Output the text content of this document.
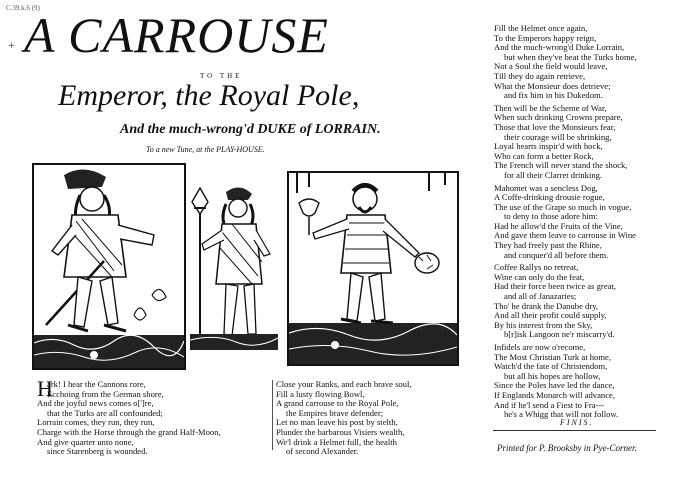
C.39.k.6 (9)
+ A CARROUSE
TO THE
Emperor, the Royal Pole,
And the much-wrong'd DUKE of LORRAIN.
To a new Tune, at the PLAY-HOUSE.
H
ark! I hear the Cannons rore,
Ecchoing from the German shore,
And the joyful news comes o[']re,
that the Turks are all confounded;
Lorrain comes, they run, they run,
Charge with the Horse through the grand Half-Moon,
And give quarter unto none,
since Starenberg is wounded.
Close your Ranks, and each brave soul,
Fill a lusty flowing Bowl,
A grand carrouse to the Royal Pole,
the Empires brave defender;
Let no man leave his post by stelth,
Plunder the barbarous Visiers wealth,
We'l drink a Helmet full, the health
of second Alexander.
Fill the Helmet once again,
To the Emperors happy reign,
And the much-wrong'd Duke Lorrain,
but when they've beat the Turks home,
Not a Soul the field would leave,
Till they do again retrieve,
What the Monsieur does detrieve;
and fix him in his Dukedom.
Then will be the Scheme of War,
When such drinking Crowns prepare,
Those that love the Monsieurs fear,
their courage will be shrinking,
Loyal hearts inspir'd with hock,
Who can form a better Rock,
The French will never stand the shock,
for all their Clarret drinking.
Mahomet was a sencless Dog,
A Coffe-drinking drousie rogue,
The use of the Grape so much in vogue,
to deny to those adore him:
Had he allow'd the Fruits of the Vine,
And gave them leave to carrouse in Wine
They had freely past the Rhine,
and conquer'd all before them.
Coffee Rallys no retreat,
Wine can only do the feat,
Had their force been twice as great,
and all of Janazaries;
Tho' he drank the Danube dry,
And all their profit could supply,
By his interest from the Sky,
b[r]isk Langoon ne'r miscarry'd.
Infidels are now o'recome,
The Most Christian Turk at home,
Watch'd the fate of Christendom,
but all his hopes are hollow,
Since the Poles have led the dance,
If Englands Monarch will advance,
And if he'l send a Fiest to Fra---
he's a Whigg that will not follow.
FINIS.
Printed for P. Brooksby in Pye-Corner.
